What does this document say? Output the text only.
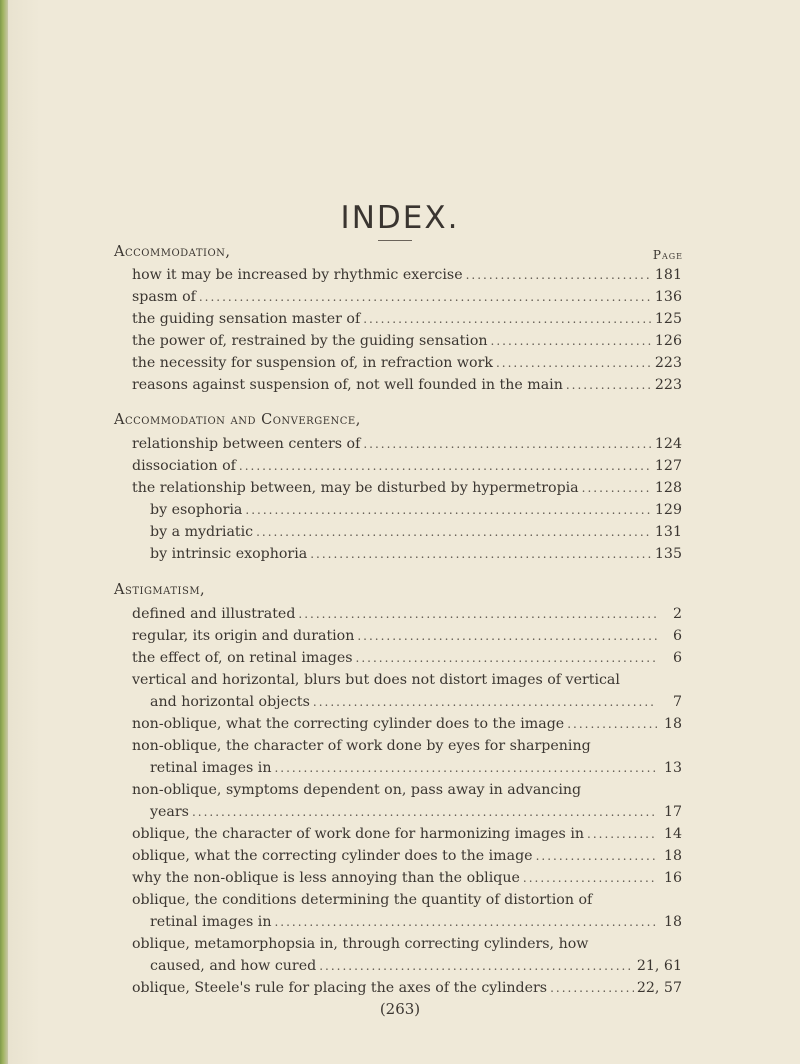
INDEX.
Page
Accommodation,
how it may be increased by rhythmic exercise .....	181
spasm of .....	136
the guiding sensation master of .....	125
the power of, restrained by the guiding sensation .....	126
the necessity for suspension of, in refraction work .....	223
reasons against suspension of, not well founded in the main .....	223
Accommodation and Convergence,
relationship between centers of .....	124
dissociation of .....	127
the relationship between, may be disturbed by hypermetropia .....	128
by esophoria .....	129
by a mydriatic .....	131
by intrinsic exophoria .....	135
Astigmatism,
defined and illustrated .....	2
regular, its origin and duration .....	6
the effect of, on retinal images .....	6
vertical and horizontal, blurs but does not distort images of vertical
and horizontal objects .....	7
non-oblique, what the correcting cylinder does to the image .....	18
non-oblique, the character of work done by eyes for sharpening
retinal images in .....	13
non-oblique, symptoms dependent on, pass away in advancing
years .....	17
oblique, the character of work done for harmonizing images in .....	14
oblique, what the correcting cylinder does to the image .....	18
why the non-oblique is less annoying than the oblique .....	16
oblique, the conditions determining the quantity of distortion of
retinal images in .....	18
oblique, metamorphopsia in, through correcting cylinders, how
caused, and how cured .....	21, 61
oblique, Steele's rule for placing the axes of the cylinders .....	22, 57
(263)
